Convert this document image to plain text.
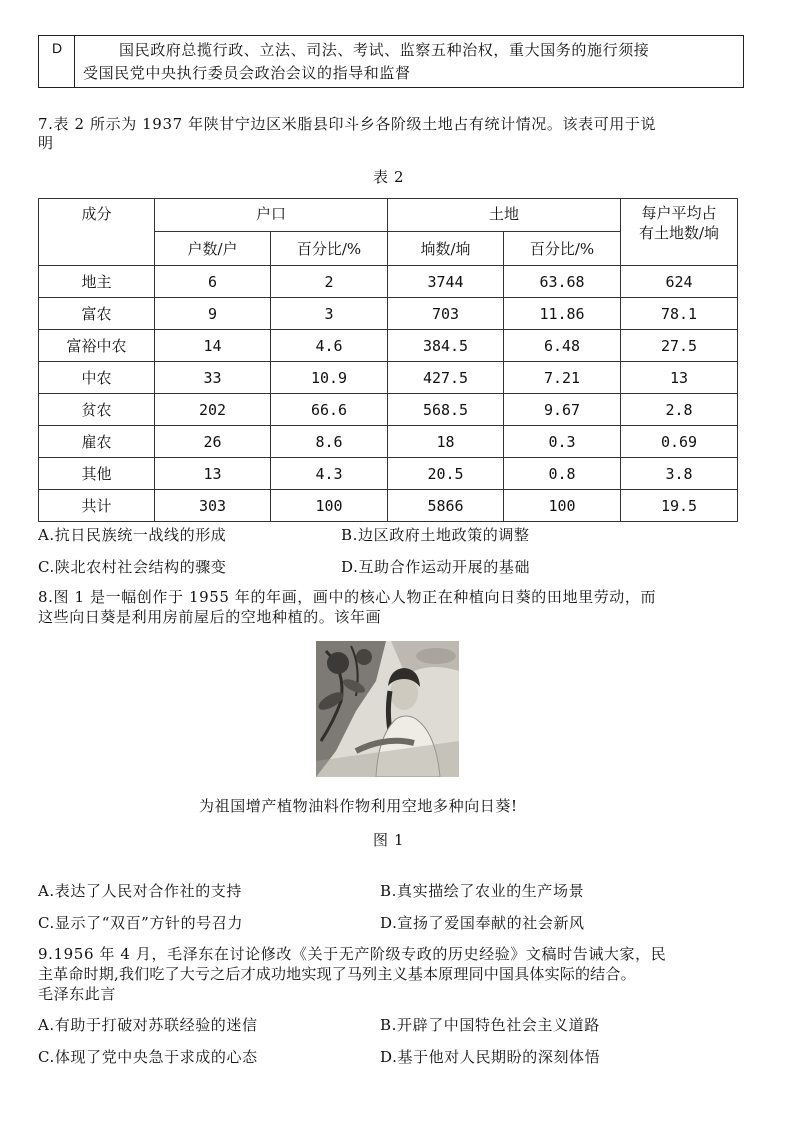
D	国民政府总揽行政、立法、司法、考试、监察五种治权，重大国务的施行须接
受国民党中央执行委员会政治会议的指导和监督
7.表 2 所示为 1937 年陕甘宁边区米脂县印斗乡各阶级土地占有统计情况。该表可用于说
明
表 2
成分	户口		土地		每户平均占
有土地数/垧

	户数/户	百分比/%	垧数/垧	百分比/%	
地主	6	2	3744	63.68	624
富农	9	3	703	11.86	78.1
富裕中农	14	4.6	384.5	6.48	27.5
中农	33	10.9	427.5	7.21	13
贫农	202	66.6	568.5	9.67	2.8
雇农	26	8.6	18	0.3	0.69
其他	13	4.3	20.5	0.8	3.8
共计	303	100	5866	100	19.5
A.抗日民族统一战线的形成	B.边区政府土地政策的调整
C.陕北农村社会结构的骤变	D.互助合作运动开展的基础
8.图 1 是一幅创作于 1955 年的年画，画中的核心人物正在种植向日葵的田地里劳动，而
这些向日葵是利用房前屋后的空地种植的。该年画
为祖国增产植物油料作物利用空地多种向日葵!
图 1
A.表达了人民对合作社的支持	B.真实描绘了农业的生产场景
C.显示了“双百”方针的号召力	D.宣扬了爱国奉献的社会新风
9.1956 年 4 月，毛泽东在讨论修改《关于无产阶级专政的历史经验》文稿时告诫大家，民
主革命时期,我们吃了大亏之后才成功地实现了马列主义基本原理同中国具体实际的结合。
毛泽东此言
A.有助于打破对苏联经验的迷信	B.开辟了中国特色社会主义道路
C.体现了党中央急于求成的心态	D.基于他对人民期盼的深刻体悟
